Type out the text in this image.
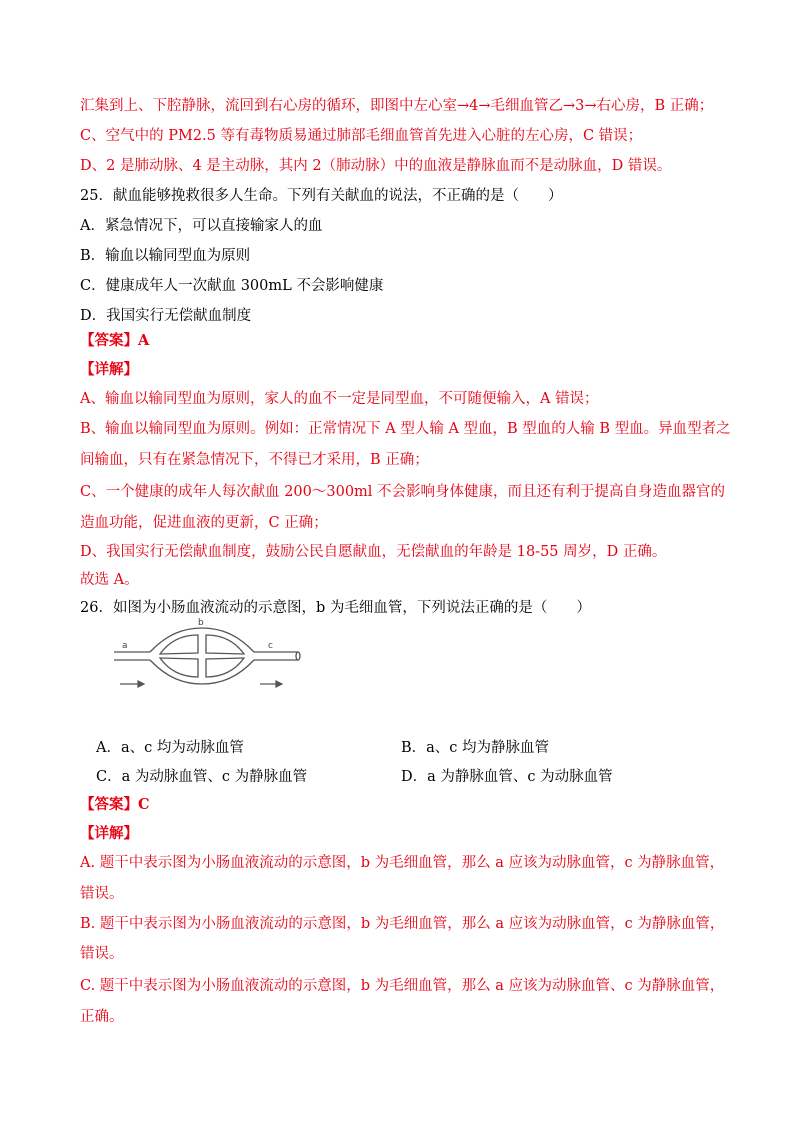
汇集到上、下腔静脉，流回到右心房的循环，即图中左心室→4→毛细血管乙→3→右心房，B 正确；
C、空气中的 PM2.5 等有毒物质易通过肺部毛细血管首先进入心脏的左心房，C 错误；
D、2 是肺动脉、4 是主动脉，其内 2（肺动脉）中的血液是静脉血而不是动脉血，D 错误。
25．献血能够挽救很多人生命。下列有关献血的说法，不正确的是（　　）
A．紧急情况下，可以直接输家人的血
B．输血以输同型血为原则
C．健康成年人一次献血 300mL 不会影响健康
D．我国实行无偿献血制度
【答案】A
【详解】
A、输血以输同型血为原则，家人的血不一定是同型血，不可随便输入，A 错误；
B、输血以输同型血为原则。例如：正常情况下 A 型人输 A 型血，B 型血的人输 B 型血。异血型者之
间输血，只有在紧急情况下，不得已才采用，B 正确；
C、一个健康的成年人每次献血 200～300ml 不会影响身体健康，而且还有利于提高自身造血器官的
造血功能，促进血液的更新，C 正确；
D、我国实行无偿献血制度，鼓励公民自愿献血，无偿献血的年龄是 18-55 周岁，D 正确。
故选 A。
26．如图为小肠血液流动的示意图，b 为毛细血管，下列说法正确的是（　　）
a
b
c
A．a、c 均为动脉血管	B．a、c 均为静脉血管
C．a 为动脉血管、c 为静脉血管	D．a 为静脉血管、c 为动脉血管
【答案】C
【详解】
A. 题干中表示图为小肠血液流动的示意图，b 为毛细血管，那么 a 应该为动脉血管，c 为静脉血管，
错误。
B. 题干中表示图为小肠血液流动的示意图，b 为毛细血管，那么 a 应该为动脉血管，c 为静脉血管，
错误。
C. 题干中表示图为小肠血液流动的示意图，b 为毛细血管，那么 a 应该为动脉血管、c 为静脉血管，
正确。
